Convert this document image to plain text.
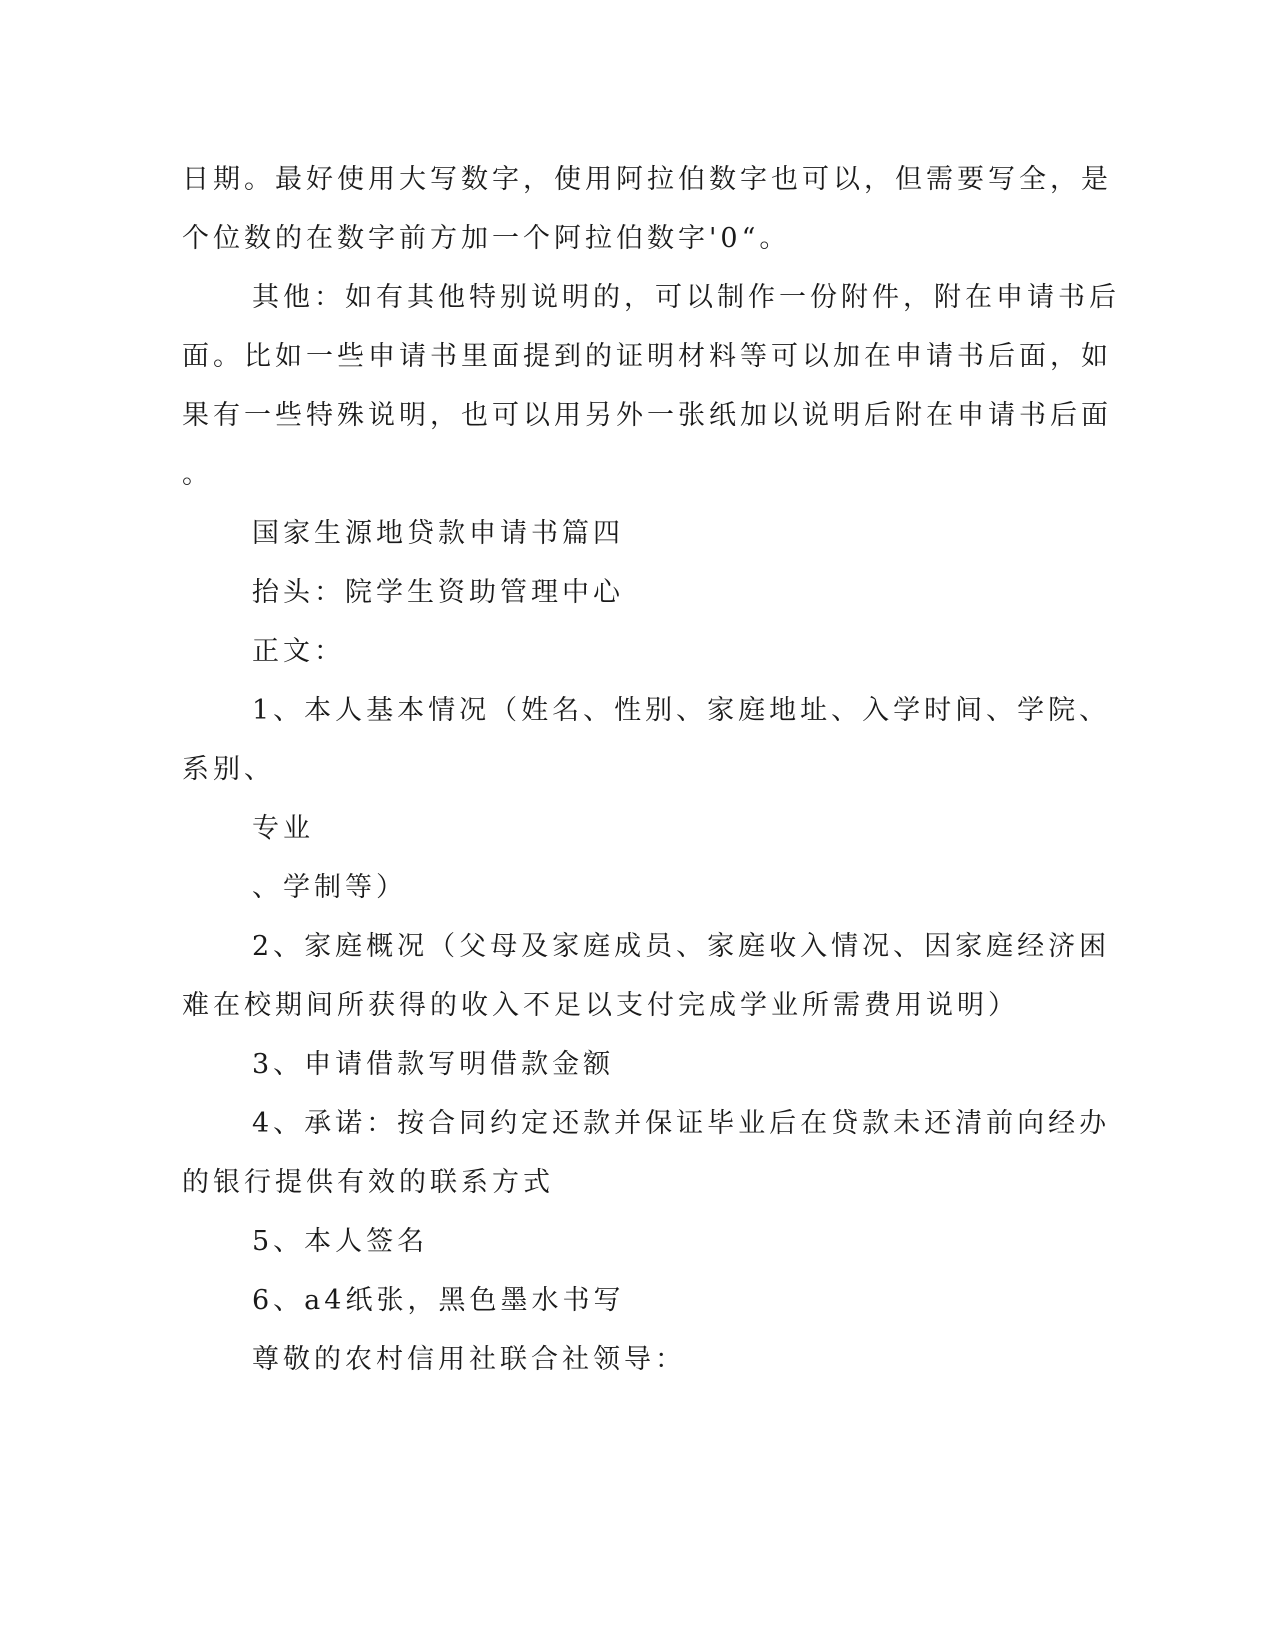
日期。最好使用大写数字，使用阿拉伯数字也可以，但需要写全，是
个位数的在数字前方加一个阿拉伯数字'0“。
其他：如有其他特别说明的，可以制作一份附件，附在申请书后
面。比如一些申请书里面提到的证明材料等可以加在申请书后面，如
果有一些特殊说明，也可以用另外一张纸加以说明后附在申请书后面
。
国家生源地贷款申请书篇四
抬头：院学生资助管理中心
正文：
1、本人基本情况（姓名、性别、家庭地址、入学时间、学院、
系别、
专业
、学制等）
2、家庭概况（父母及家庭成员、家庭收入情况、因家庭经济困
难在校期间所获得的收入不足以支付完成学业所需费用说明）
3、申请借款写明借款金额
4、承诺：按合同约定还款并保证毕业后在贷款未还清前向经办
的银行提供有效的联系方式
5、本人签名
6、a4纸张，黑色墨水书写
尊敬的农村信用社联合社领导：
